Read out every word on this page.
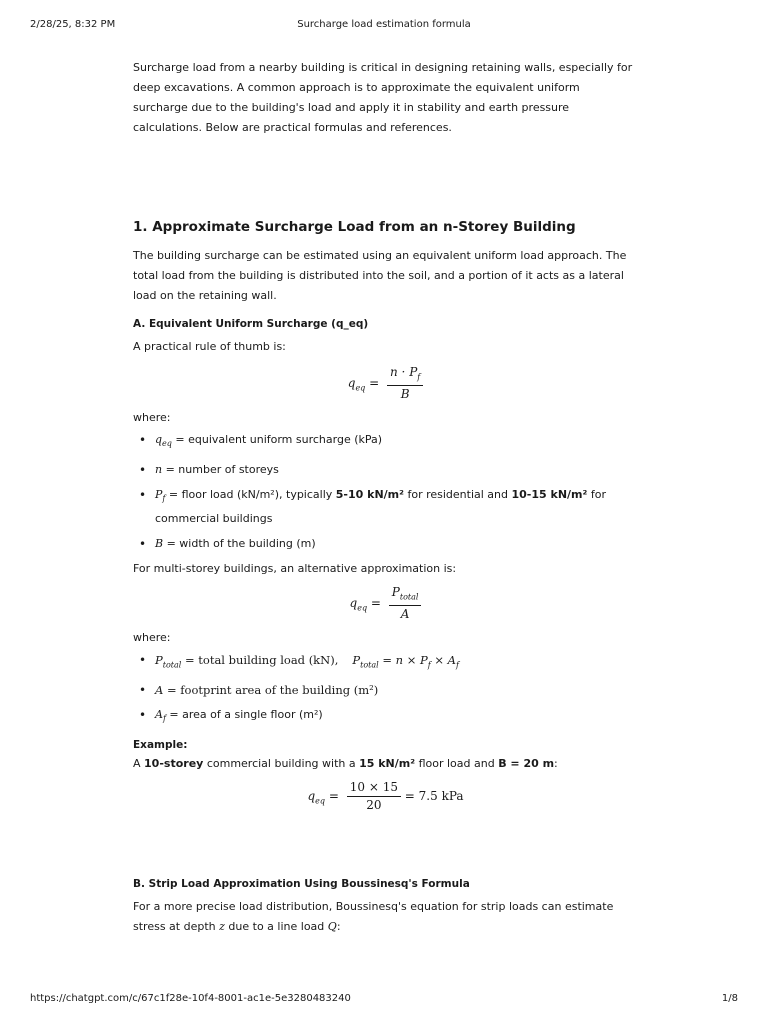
2/28/25, 8:32 PM	Surcharge load estimation formula

Surcharge load from a nearby building is critical in designing retaining walls, especially for deep excavations. A common approach is to approximate the equivalent uniform surcharge due to the building's load and apply it in stability and earth pressure calculations. Below are practical formulas and references.

1. Approximate Surcharge Load from an n-Storey Building

The building surcharge can be estimated using an equivalent uniform load approach. The total load from the building is distributed into the soil, and a portion of it acts as a lateral load on the retaining wall.

A. Equivalent Uniform Surcharge (q_eq)

A practical rule of thumb is:

$q_{eq} = \frac{n \cdot P_f}{B}$

where:

• $q_{eq}$ = equivalent uniform surcharge (kPa)
• n = number of storeys
• $P_f$ = floor load (kN/m²), typically 5-10 kN/m² for residential and 10-15 kN/m² for commercial buildings
• B = width of the building (m)

For multi-storey buildings, an alternative approximation is:

$q_{eq} = \frac{P_{total}}{A}$

where:

• $P_{total}$ = total building load (kN), $P_{total} = n \times P_f \times A_f$
• A = footprint area of the building (m²)
• $A_f$ = area of a single floor (m²)
Example:

A 10-storey commercial building with a 15 kN/m² floor load and B = 20 m:

$q_{eq} = \frac{10 \times 15}{20} = 7.5$ kPa
B. Strip Load Approximation Using Boussinesq's Formula

For a more precise load distribution, Boussinesq's equation for strip loads can estimate stress at depth z due to a line load Q:

https://chatgpt.com/c/67c1f28e-10f4-8001-ac1e-5e3280483240	1/8
